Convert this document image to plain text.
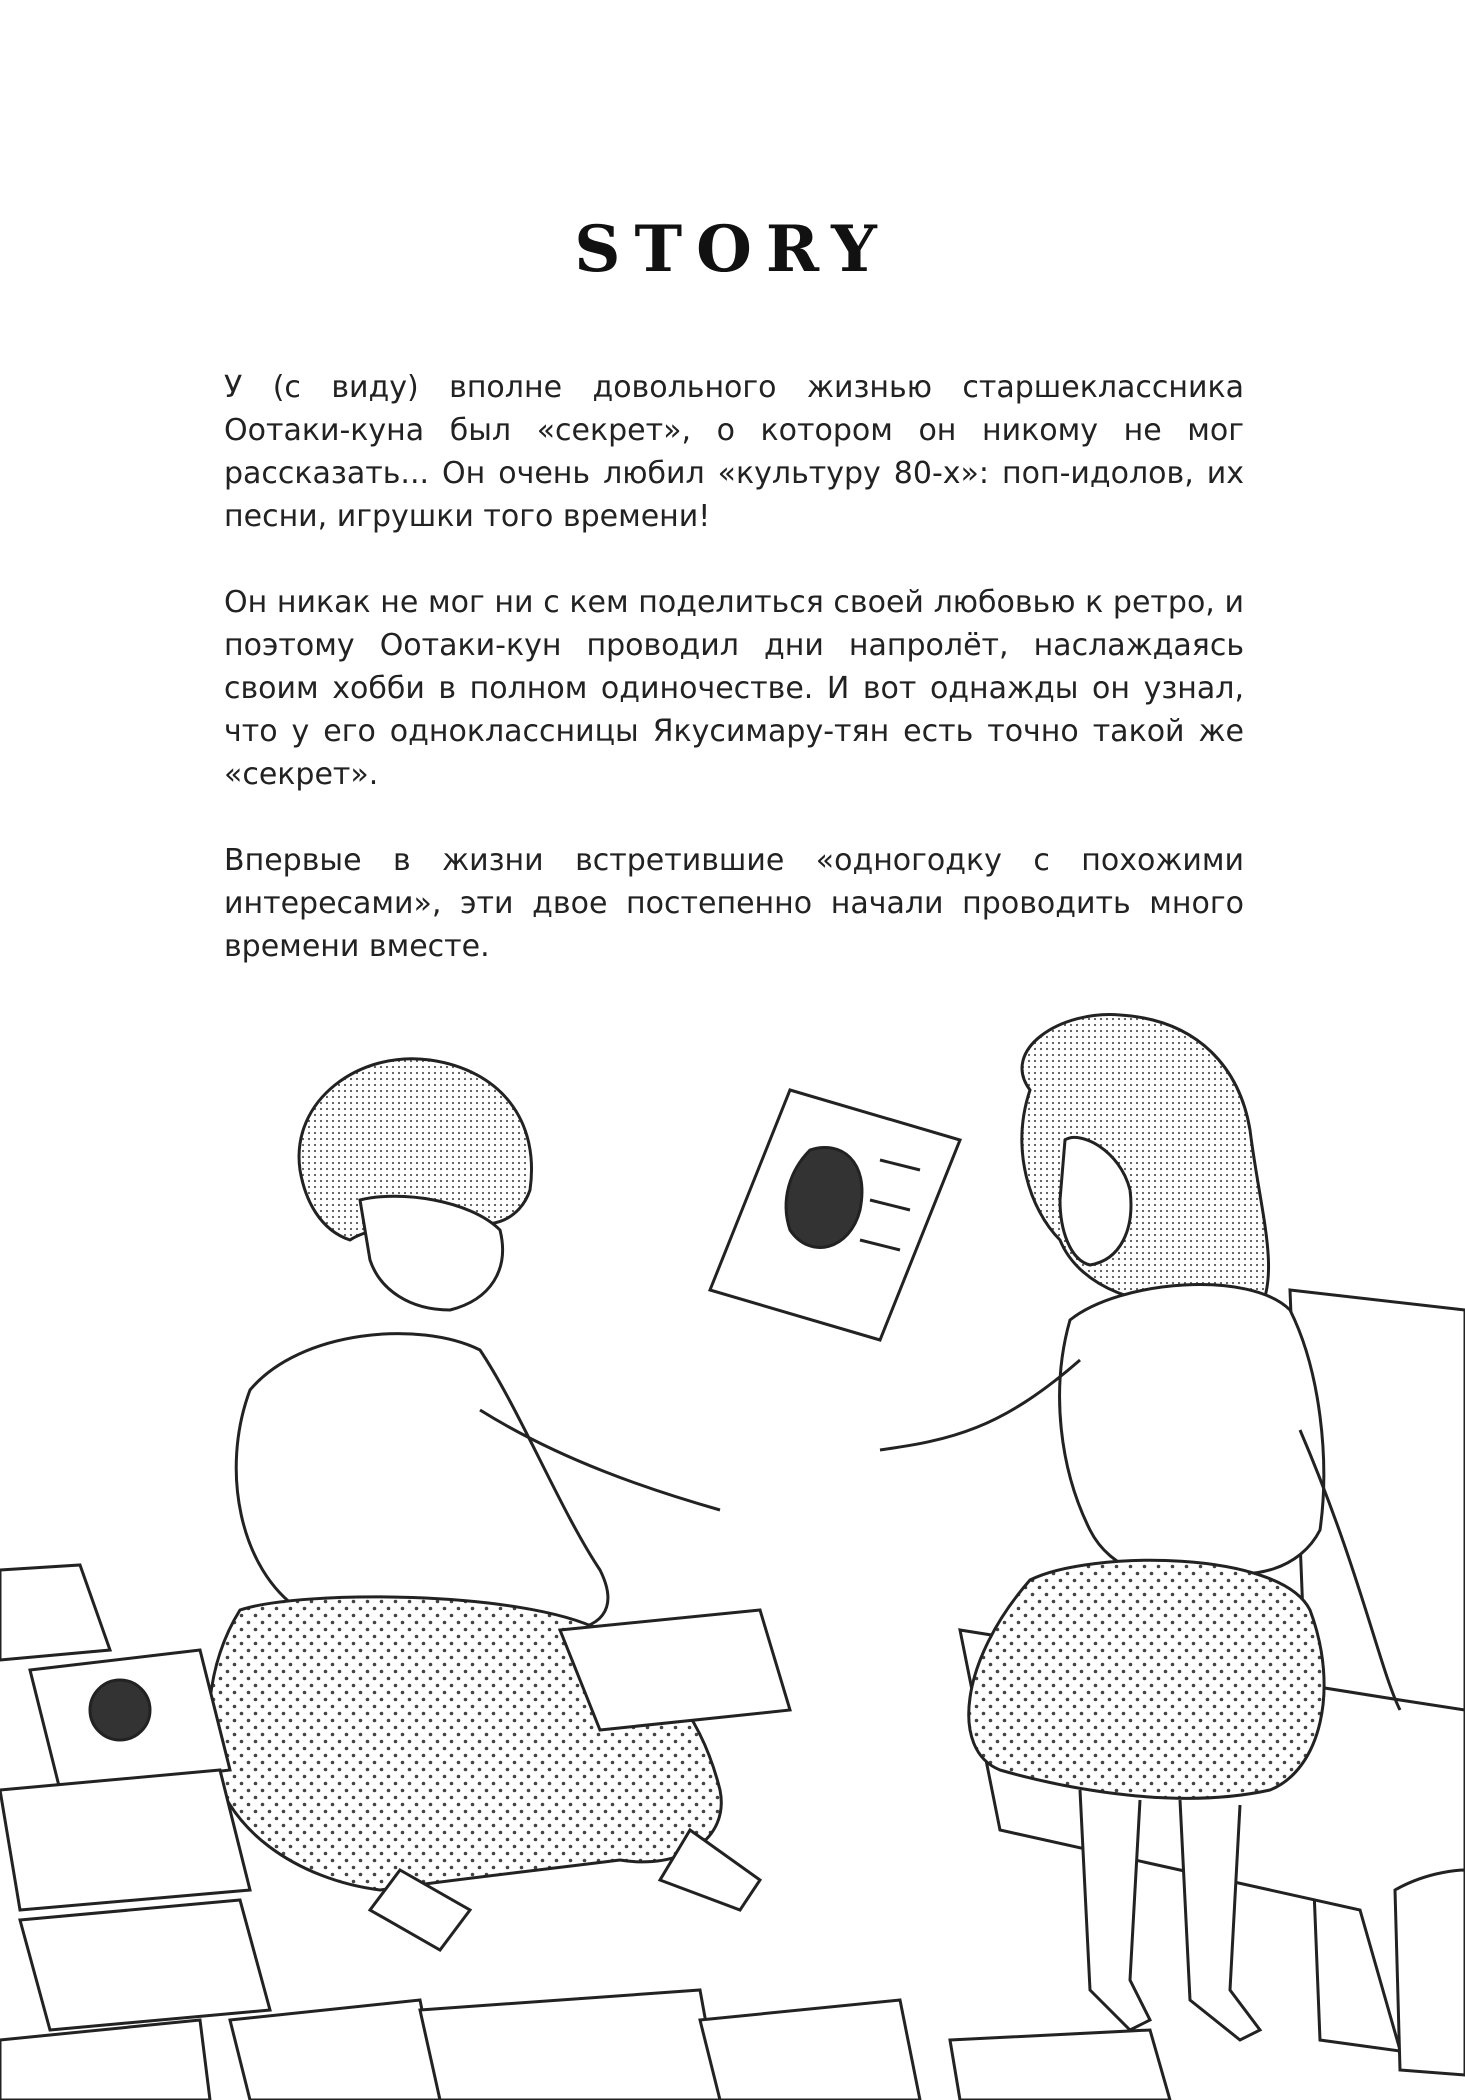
STORY

У (с виду) вполне довольного жизнью старшеклассника Оотаки-куна был «секрет», о котором он никому не мог рассказать... Он очень любил «культуру 80-х»: поп-идолов, их песни, игрушки того времени!

Он никак не мог ни с кем поделиться своей любовью к ретро, и поэтому Оотаки-кун проводил дни напролёт, наслаждаясь своим хобби в полном одиночестве. И вот однажды он узнал, что у его одноклассницы Якусимару-тян есть точно такой же «секрет».

Впервые в жизни встретившие «одногодку с похожими интересами», эти двое постепенно начали проводить много времени вместе.
